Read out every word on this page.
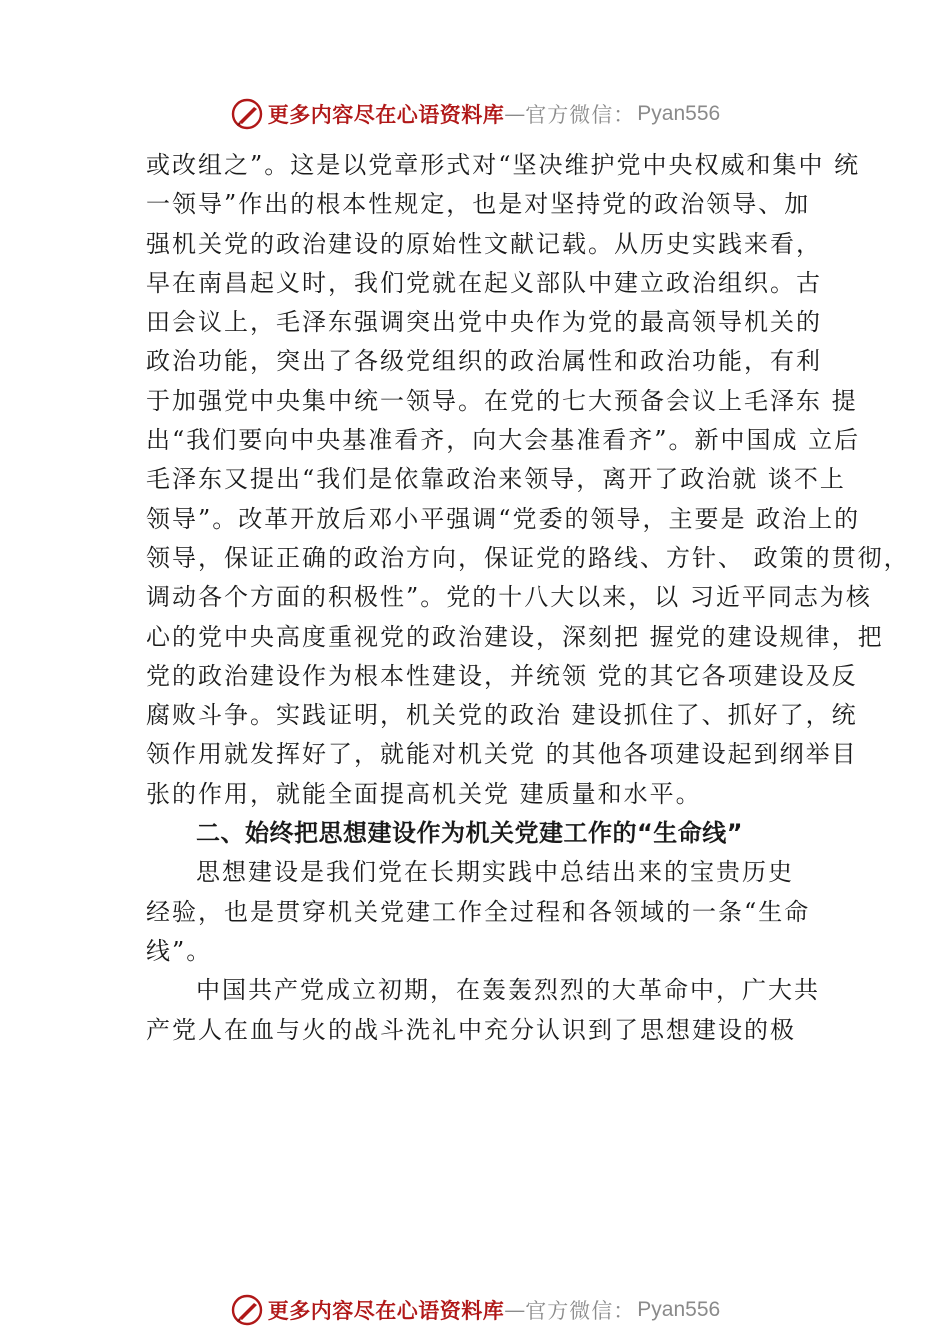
更多内容尽在心语资料库 — 官方微信： Pyan556
或改组之”。这是以党章形式对“坚决维护党中央权威和集中 统
一领导”作出的根本性规定，也是对坚持党的政治领导、加
强机关党的政治建设的原始性文献记载。从历史实践来看，
早在南昌起义时，我们党就在起义部队中建立政治组织。古
田会议上，毛泽东强调突出党中央作为党的最高领导机关的
政治功能，突出了各级党组织的政治属性和政治功能，有利
于加强党中央集中统一领导。在党的七大预备会议上毛泽东 提
出“我们要向中央基准看齐，向大会基准看齐”。新中国成 立后
毛泽东又提出“我们是依靠政治来领导，离开了政治就 谈不上
领导”。改革开放后邓小平强调“党委的领导，主要是 政治上的
领导，保证正确的政治方向，保证党的路线、方针、 政策的贯彻，
调动各个方面的积极性”。党的十八大以来，以 习近平同志为核
心的党中央高度重视党的政治建设，深刻把 握党的建设规律，把
党的政治建设作为根本性建设，并统领 党的其它各项建设及反
腐败斗争。实践证明，机关党的政治 建设抓住了、抓好了，统
领作用就发挥好了，就能对机关党 的其他各项建设起到纲举目
张的作用，就能全面提高机关党 建质量和水平。
二、始终把思想建设作为机关党建工作的“生命线”
思想建设是我们党在长期实践中总结出来的宝贵历史
经验，也是贯穿机关党建工作全过程和各领域的一条“生命
线”。
中国共产党成立初期，在轰轰烈烈的大革命中，广大共
产党人在血与火的战斗洗礼中充分认识到了思想建设的极
更多内容尽在心语资料库 — 官方微信： Pyan556
